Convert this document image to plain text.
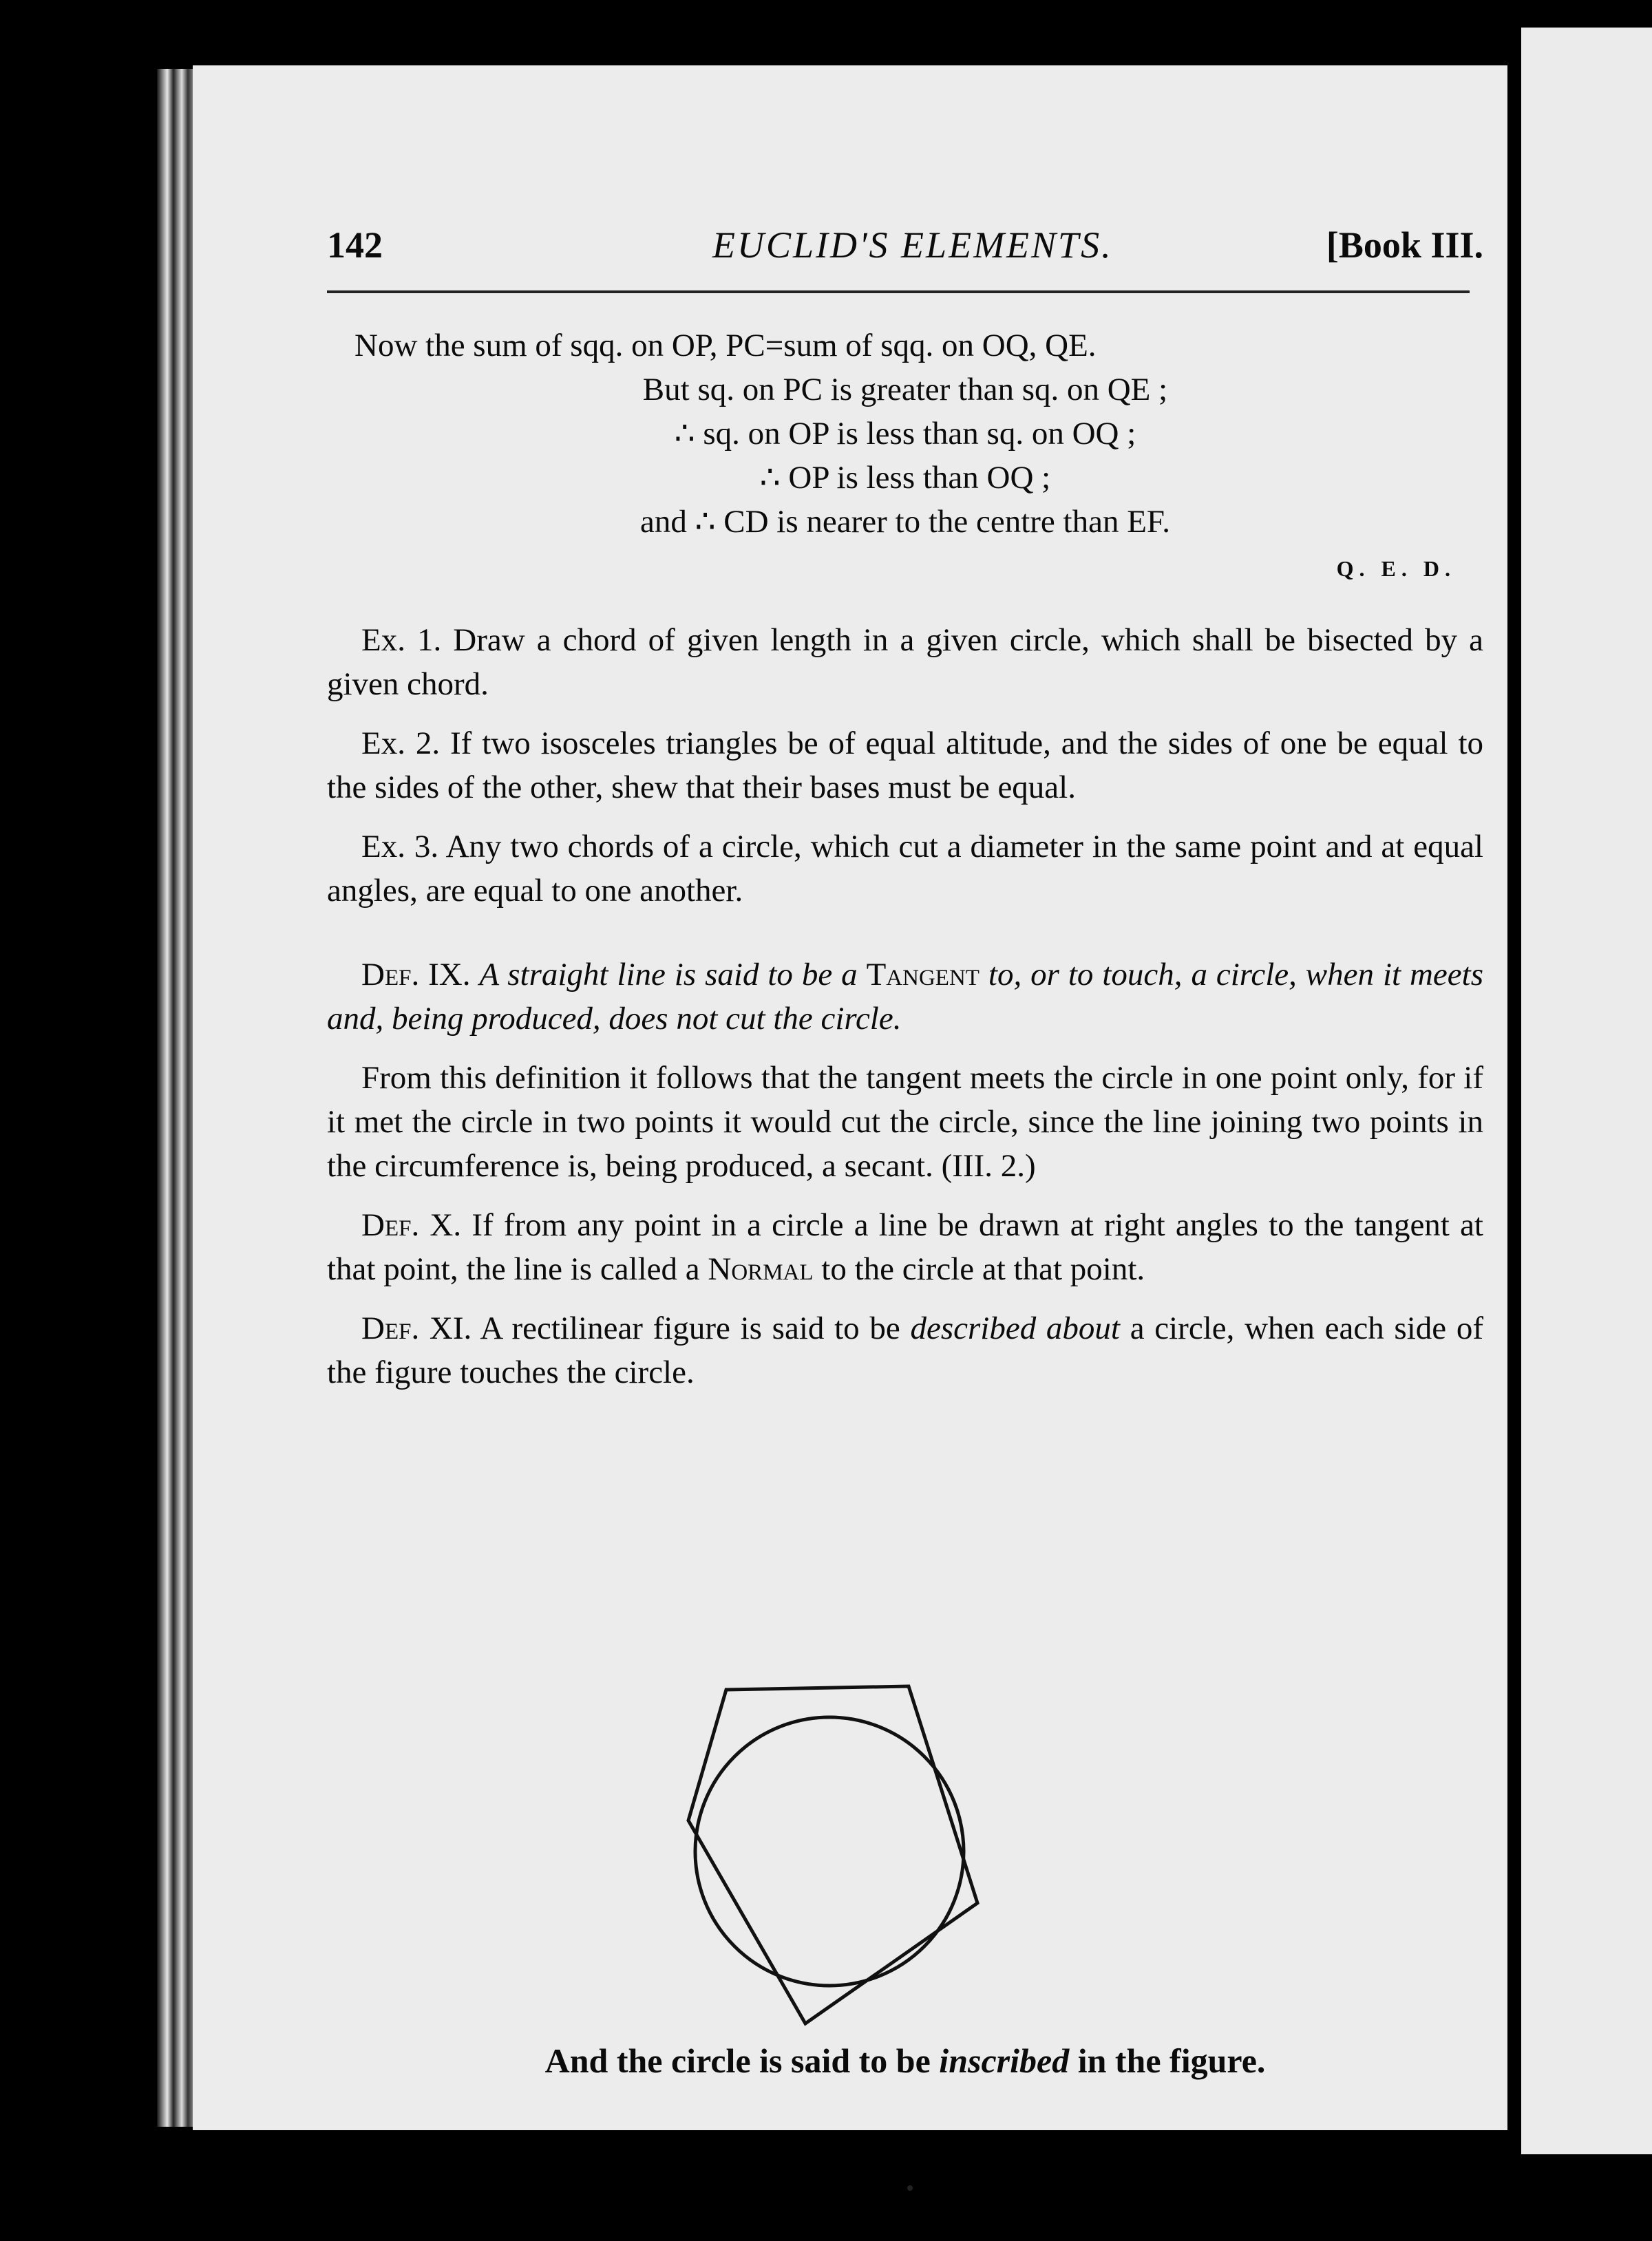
142	EUCLID'S ELEMENTS.	[Book III.
Now the sum of sqq. on OP, PC=sum of sqq. on OQ, QE.
But sq. on PC is greater than sq. on QE ;
∴ sq. on OP is less than sq. on OQ ;
∴ OP is less than OQ ;
and ∴ CD is nearer to the centre than EF.
Q. E. D.

Ex. 1. Draw a chord of given length in a given circle, which shall be bisected by a given chord.

Ex. 2. If two isosceles triangles be of equal altitude, and the sides of one be equal to the sides of the other, shew that their bases must be equal.

Ex. 3. Any two chords of a circle, which cut a diameter in the same point and at equal angles, are equal to one another.

Def. IX. A straight line is said to be a Tangent to, or to touch, a circle, when it meets and, being produced, does not cut the circle.

From this definition it follows that the tangent meets the circle in one point only, for if it met the circle in two points it would cut the circle, since the line joining two points in the circumference is, being produced, a secant. (III. 2.)

Def. X. If from any point in a circle a line be drawn at right angles to the tangent at that point, the line is called a Normal to the circle at that point.

Def. XI. A rectilinear figure is said to be described about a circle, when each side of the figure touches the circle.

And the circle is said to be inscribed in the figure.
